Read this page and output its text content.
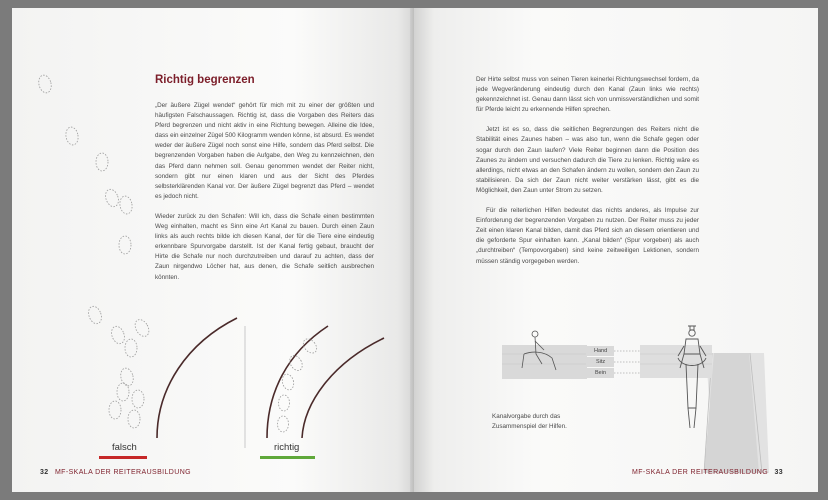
Richtig begrenzen

„Der äußere Zügel wendet“ gehört für mich mit zu einer der größten und häufigsten Falschaussagen. Richtig ist, dass die Vorgaben des Reiters das Pferd begrenzen und nicht aktiv in eine Richtung bewegen. Alleine die Idee, dass ein einzelner Zügel 500 Kilogramm wenden könne, ist absurd. Es wendet weder der äußere Zügel noch sonst eine Hilfe, sondern das Pferd selbst. Die begrenzenden Vorgaben haben die Aufgabe, den Weg zu kennzeichnen, den das Pferd dann nehmen soll. Genau genommen wendet der Reiter nicht, sondern gibt nur einen klaren und aus der Sicht des Pferdes selbsterklärenden Kanal vor. Der äußere Zügel begrenzt das Pferd – wendet es jedoch nicht.

Wieder zurück zu den Schafen: Will ich, dass die Schafe einen bestimmten Weg einhalten, macht es Sinn eine Art Kanal zu bauen. Durch einen Zaun links als auch rechts bilde ich diesen Kanal, der für die Tiere eine eindeutig erkennbare Spurvorgabe darstellt. Ist der Kanal fertig gebaut, braucht der Hirte die Schafe nur noch durchzutreiben und darauf zu achten, dass der Zaun nirgendwo Löcher hat, aus denen, die Schafe seitlich ausbrechen könnten.

falsch	richtig
32 MF-SKALA DER REITERAUSBILDUNG

Der Hirte selbst muss von seinen Tieren keinerlei Richtungswechsel fordern, da jede Wegveränderung eindeutig durch den Kanal (Zaun links wie rechts) gekennzeichnet ist. Genau dann lässt sich von unmissverständlichen und somit für Pferde leicht zu erkennende Hilfen sprechen.

Jetzt ist es so, dass die seitlichen Begrenzungen des Reiters nicht die Stabilität eines Zaunes haben – was also tun, wenn die Schafe gegen oder sogar durch den Zaun laufen? Viele Reiter beginnen dann die Position des Zaunes zu ändern und versuchen dadurch die Tiere zu lenken. Richtig wäre es allerdings, nicht etwas an den Schafen ändern zu wollen, sondern den Zaun zu stabilisieren. Da sich der Zaun nicht weiter verstärken lässt, gibt es die Möglichkeit, den Zaun unter Strom zu setzen.

Für die reiterlichen Hilfen bedeutet das nichts anderes, als Impulse zur Einforderung der begrenzenden Vorgaben zu nutzen. Der Reiter muss zu jeder Zeit einen klaren Kanal bilden, damit das Pferd sich an diesem orientieren und die geforderte Spur einhalten kann. „Kanal bilden“ (Spur vorgeben) als auch „durchtreiben“ (Tempovorgaben) sind keine zeitweiligen Lektionen, sondern müssen ständig vorgegeben werden.

Hand
Sitz
Bein
Kanalvorgabe durch das Zusammenspiel der Hilfen.
MF-SKALA DER REITERAUSBILDUNG 33
